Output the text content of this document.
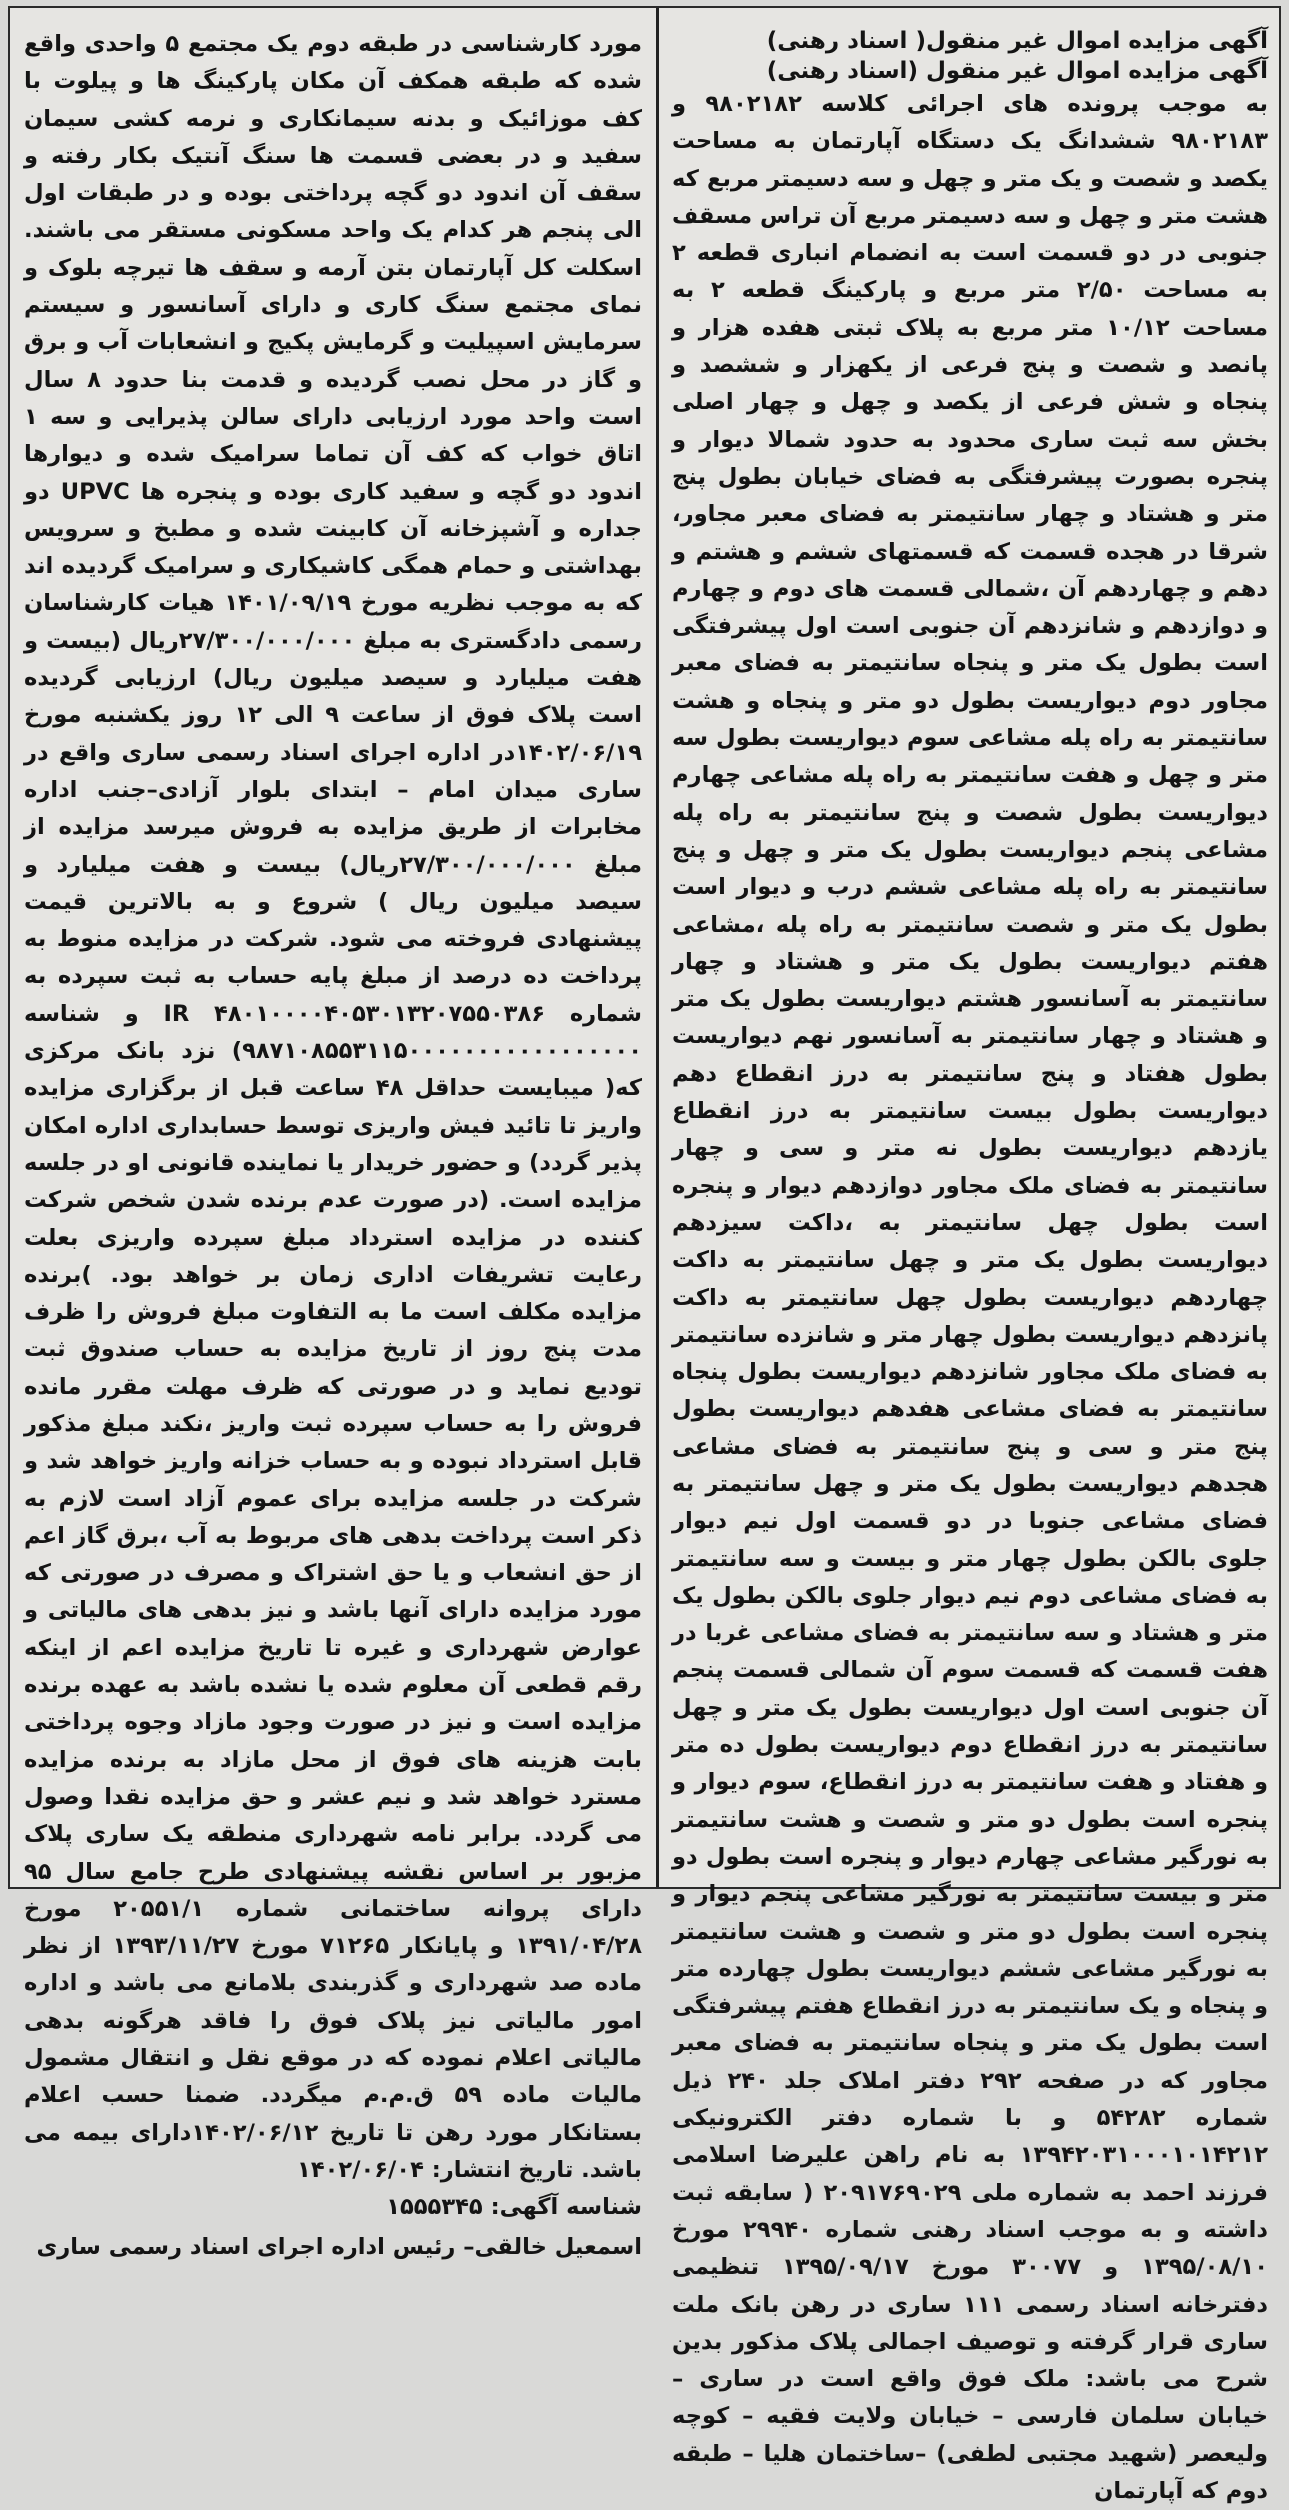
آگهی مزایده اموال غیر منقول( اسناد رهنی)
آگهی مزایده اموال غیر منقول (اسناد رهنی)

به موجب پرونده های اجرائی کلاسه ۹۸۰۲۱۸۲ و ۹۸۰۲۱۸۳ ششدانگ یک دستگاه آپارتمان به مساحت یکصد و شصت و یک متر و چهل و سه دسیمتر مربع که هشت متر و چهل و سه دسیمتر مربع آن تراس مسقف جنوبی در دو قسمت است به انضمام انباری قطعه ۲ به مساحت ۲/۵۰ متر مربع و پارکینگ قطعه ۲ به مساحت ۱۰/۱۲ متر مربع به پلاک ثبتی هفده هزار و پانصد و شصت و پنج فرعی از یکهزار و ششصد و پنجاه و شش فرعی از یکصد و چهل و چهار اصلی بخش سه ثبت ساری محدود به حدود شمالا دیوار و پنجره بصورت پیشرفتگی به فضای خیابان بطول پنج متر و هشتاد و چهار سانتیمتر به فضای معبر مجاور، شرقا در هجده قسمت که قسمتهای ششم و هشتم و دهم و چهاردهم آن ،شمالی قسمت های دوم و چهارم و دوازدهم و شانزدهم آن جنوبی است اول پیشرفتگی است بطول یک متر و پنجاه سانتیمتر به فضای معبر مجاور دوم دیواریست بطول دو متر و پنجاه و هشت سانتیمتر به راه پله مشاعی سوم دیواریست بطول سه متر و چهل و هفت سانتیمتر به راه پله مشاعی چهارم دیواریست بطول شصت و پنج سانتیمتر به راه پله مشاعی پنجم دیواریست بطول یک متر و چهل و پنج سانتیمتر به راه پله مشاعی ششم درب و دیوار است بطول یک متر و شصت سانتیمتر به راه پله ،مشاعی هفتم دیواریست بطول یک متر و هشتاد و چهار سانتیمتر به آسانسور هشتم دیواریست بطول یک متر و هشتاد و چهار سانتیمتر به آسانسور نهم دیواریست بطول هفتاد و پنج سانتیمتر به درز انقطاع دهم دیواریست بطول بیست سانتیمتر به درز انقطاع یازدهم دیواریست بطول نه متر و سی و چهار سانتیمتر به فضای ملک مجاور دوازدهم دیوار و پنجره است بطول چهل سانتیمتر به ،داکت سیزدهم دیواریست بطول یک متر و چهل سانتیمتر به داکت چهاردهم دیواریست بطول چهل سانتیمتر به داکت پانزدهم دیواریست بطول چهار متر و شانزده سانتیمتر به فضای ملک مجاور شانزدهم دیواریست بطول پنجاه سانتیمتر به فضای مشاعی هفدهم دیواریست بطول پنج متر و سی و پنج سانتیمتر به فضای مشاعی هجدهم دیواریست بطول یک متر و چهل سانتیمتر به فضای مشاعی جنوبا در دو قسمت اول نیم دیوار جلوی بالکن بطول چهار متر و بیست و سه سانتیمتر به فضای مشاعی دوم نیم دیوار جلوی بالکن بطول یک متر و هشتاد و سه سانتیمتر به فضای مشاعی غربا در هفت قسمت که قسمت سوم آن شمالی قسمت پنجم آن جنوبی است اول دیواریست بطول یک متر و چهل سانتیمتر به درز انقطاع دوم دیواریست بطول ده متر و هفتاد و هفت سانتیمتر به درز انقطاع، سوم دیوار و پنجره است بطول دو متر و شصت و هشت سانتیمتر به نورگیر مشاعی چهارم دیوار و پنجره است بطول دو متر و بیست سانتیمتر به نورگیر مشاعی پنجم دیوار و پنجره است بطول دو متر و شصت و هشت سانتیمتر به نورگیر مشاعی ششم دیواریست بطول چهارده متر و پنجاه و یک سانتیمتر به درز انقطاع هفتم پیشرفتگی است بطول یک متر و پنجاه سانتیمتر به فضای معبر مجاور که در صفحه ۲۹۲ دفتر املاک جلد ۲۴۰ ذیل شماره ۵۴۲۸۲ و با شماره دفتر الکترونیکی ۱۳۹۴۲۰۳۱۰۰۰۱۰۱۴۲۱۲ به نام راهن علیرضا اسلامی فرزند احمد به شماره ملی ۲۰۹۱۷۶۹۰۲۹ ( سابقه ثبت داشته و به موجب اسناد رهنی شماره ۲۹۹۴۰ مورخ ۱۳۹۵/۰۸/۱۰ و ۳۰۰۷۷ مورخ ۱۳۹۵/۰۹/۱۷ تنظیمی دفترخانه اسناد رسمی ۱۱۱ ساری در رهن بانک ملت ساری قرار گرفته و توصیف اجمالی پلاک مذکور بدین شرح می باشد: ملک فوق واقع است در ساری – خیابان سلمان فارسی – خیابان ولایت فقیه – کوچه ولیعصر (شهید مجتبی لطفی) –ساختمان هلیا – طبقه دوم که آپارتمان

مورد کارشناسی در طبقه دوم یک مجتمع ۵ واحدی واقع شده که طبقه همکف آن مکان پارکینگ ها و پیلوت با کف موزائیک و بدنه سیمانکاری و نرمه کشی سیمان سفید و در بعضی قسمت ها سنگ آنتیک بکار رفته و سقف آن اندود دو گچه پرداختی بوده و در طبقات اول الی پنجم هر کدام یک واحد مسکونی مستقر می باشند. اسکلت کل آپارتمان بتن آرمه و سقف ها تیرچه بلوک و نمای مجتمع سنگ کاری و دارای آسانسور و سیستم سرمایش اسپیلیت و گرمایش پکیج و انشعابات آب و برق و گاز در محل نصب گردیده و قدمت بنا حدود ۸ سال است واحد مورد ارزیابی دارای سالن پذیرایی و سه ۱ اتاق خواب که کف آن تماما سرامیک شده و دیوارها اندود دو گچه و سفید کاری بوده و پنجره ها UPVC دو جداره و آشپزخانه آن کابینت شده و مطبخ و سرویس بهداشتی و حمام همگی کاشیکاری و سرامیک گردیده اند که به موجب نظریه مورخ ۱۴۰۱/۰۹/۱۹ هیات کارشناسان رسمی دادگستری به مبلغ ۲۷/۳۰۰/۰۰۰/۰۰۰ریال (بیست و هفت میلیارد و سیصد میلیون ریال) ارزیابی گردیده است پلاک فوق از ساعت ۹ الی ۱۲ روز یکشنبه مورخ ۱۴۰۲/۰۶/۱۹در اداره اجرای اسناد رسمی ساری واقع در ساری میدان امام – ابتدای بلوار آزادی–جنب اداره مخابرات از طریق مزایده به فروش میرسد مزایده از مبلغ ۲۷/۳۰۰/۰۰۰/۰۰۰ریال) بیست و هفت میلیارد و سیصد میلیون ریال ) شروع و به بالاترین قیمت پیشنهادی فروخته می شود. شرکت در مزایده منوط به پرداخت ده درصد از مبلغ پایه حساب به ثبت سپرده به شماره IR ۴۸۰۱۰۰۰۰۴۰۵۳۰۱۳۲۰۷۵۵۰۳۸۶ و شناسه ۹۸۷۱۰۸۵۵۳۱۱۵۰۰۰۰۰۰۰۰۰۰۰۰۰۰۰۰۰) نزد بانک مرکزی که( میبایست حداقل ۴۸ ساعت قبل از برگزاری مزایده واریز تا تائید فیش واریزی توسط حسابداری اداره امکان پذیر گردد) و حضور خریدار یا نماینده قانونی او در جلسه مزایده است. (در صورت عدم برنده شدن شخص شرکت کننده در مزایده استرداد مبلغ سپرده واریزی بعلت رعایت تشریفات اداری زمان بر خواهد بود. )برنده مزایده مکلف است ما به التفاوت مبلغ فروش را ظرف مدت پنج روز از تاریخ مزایده به حساب صندوق ثبت تودیع نماید و در صورتی که ظرف مهلت مقرر مانده فروش را به حساب سپرده ثبت واریز ،نکند مبلغ مذکور قابل استرداد نبوده و به حساب خزانه واریز خواهد شد و شرکت در جلسه مزایده برای عموم آزاد است لازم به ذکر است پرداخت بدهی های مربوط به آب ،برق گاز اعم از حق انشعاب و یا حق اشتراک و مصرف در صورتی که مورد مزایده دارای آنها باشد و نیز بدهی های مالیاتی و عوارض شهرداری و غیره تا تاریخ مزایده اعم از اینکه رقم قطعی آن معلوم شده یا نشده باشد به عهده برنده مزایده است و نیز در صورت وجود مازاد وجوه پرداختی بابت هزینه های فوق از محل مازاد به برنده مزایده مسترد خواهد شد و نیم عشر و حق مزایده نقدا وصول می گردد. برابر نامه شهرداری منطقه یک ساری پلاک مزبور بر اساس نقشه پیشنهادی طرح جامع سال ۹۵ دارای پروانه ساختمانی شماره ۲۰۵۵۱/۱ مورخ ۱۳۹۱/۰۴/۲۸ و پایانکار ۷۱۲۶۵ مورخ ۱۳۹۳/۱۱/۲۷ از نظر ماده صد شهرداری و گذربندی بلامانع می باشد و اداره امور مالیاتی نیز پلاک فوق را فاقد هرگونه بدهی مالیاتی اعلام نموده که در موقع نقل و انتقال مشمول مالیات ماده ۵۹ ق.م.م میگردد. ضمنا حسب اعلام بستانکار مورد رهن تا تاریخ ۱۴۰۲/۰۶/۱۲دارای بیمه می باشد. تاریخ انتشار: ۱۴۰۲/۰۶/۰۴

شناسه آگهی: ۱۵۵۵۳۴۵
اسمعیل خالقی– رئیس اداره اجرای اسناد رسمی ساری
